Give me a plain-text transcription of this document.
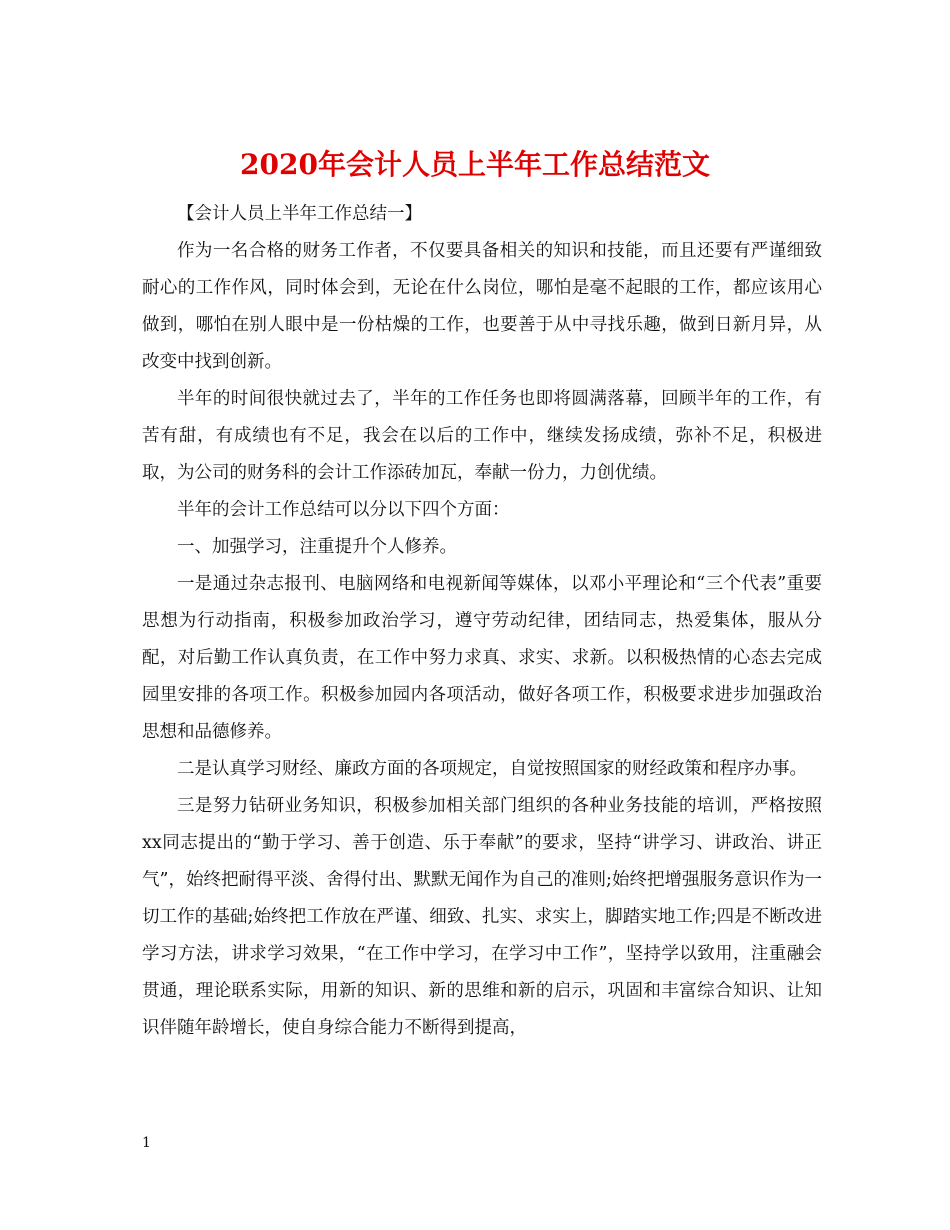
2020年会计人员上半年工作总结范文

【会计人员上半年工作总结一】

作为一名合格的财务工作者，不仅要具备相关的知识和技能，而且还要有严谨细致耐心的工作作风，同时体会到，无论在什么岗位，哪怕是毫不起眼的工作，都应该用心做到，哪怕在别人眼中是一份枯燥的工作，也要善于从中寻找乐趣，做到日新月异，从改变中找到创新。

半年的时间很快就过去了，半年的工作任务也即将圆满落幕，回顾半年的工作，有苦有甜，有成绩也有不足，我会在以后的工作中，继续发扬成绩，弥补不足，积极进取，为公司的财务科的会计工作添砖加瓦，奉献一份力，力创优绩。

半年的会计工作总结可以分以下四个方面：

一、加强学习，注重提升个人修养。

一是通过杂志报刊、电脑网络和电视新闻等媒体，以邓小平理论和“三个代表”重要思想为行动指南，积极参加政治学习，遵守劳动纪律，团结同志，热爱集体，服从分配，对后勤工作认真负责，在工作中努力求真、求实、求新。以积极热情的心态去完成园里安排的各项工作。积极参加园内各项活动，做好各项工作，积极要求进步加强政治思想和品德修养。

二是认真学习财经、廉政方面的各项规定，自觉按照国家的财经政策和程序办事。

三是努力钻研业务知识，积极参加相关部门组织的各种业务技能的培训，严格按照xx同志提出的“勤于学习、善于创造、乐于奉献”的要求，坚持“讲学习、讲政治、讲正气”，始终把耐得平淡、舍得付出、默默无闻作为自己的准则;始终把增强服务意识作为一切工作的基础;始终把工作放在严谨、细致、扎实、求实上，脚踏实地工作;四是不断改进学习方法，讲求学习效果，“在工作中学习，在学习中工作”，坚持学以致用，注重融会贯通，理论联系实际，用新的知识、新的思维和新的启示，巩固和丰富综合知识、让知识伴随年龄增长，使自身综合能力不断得到提高，

1
